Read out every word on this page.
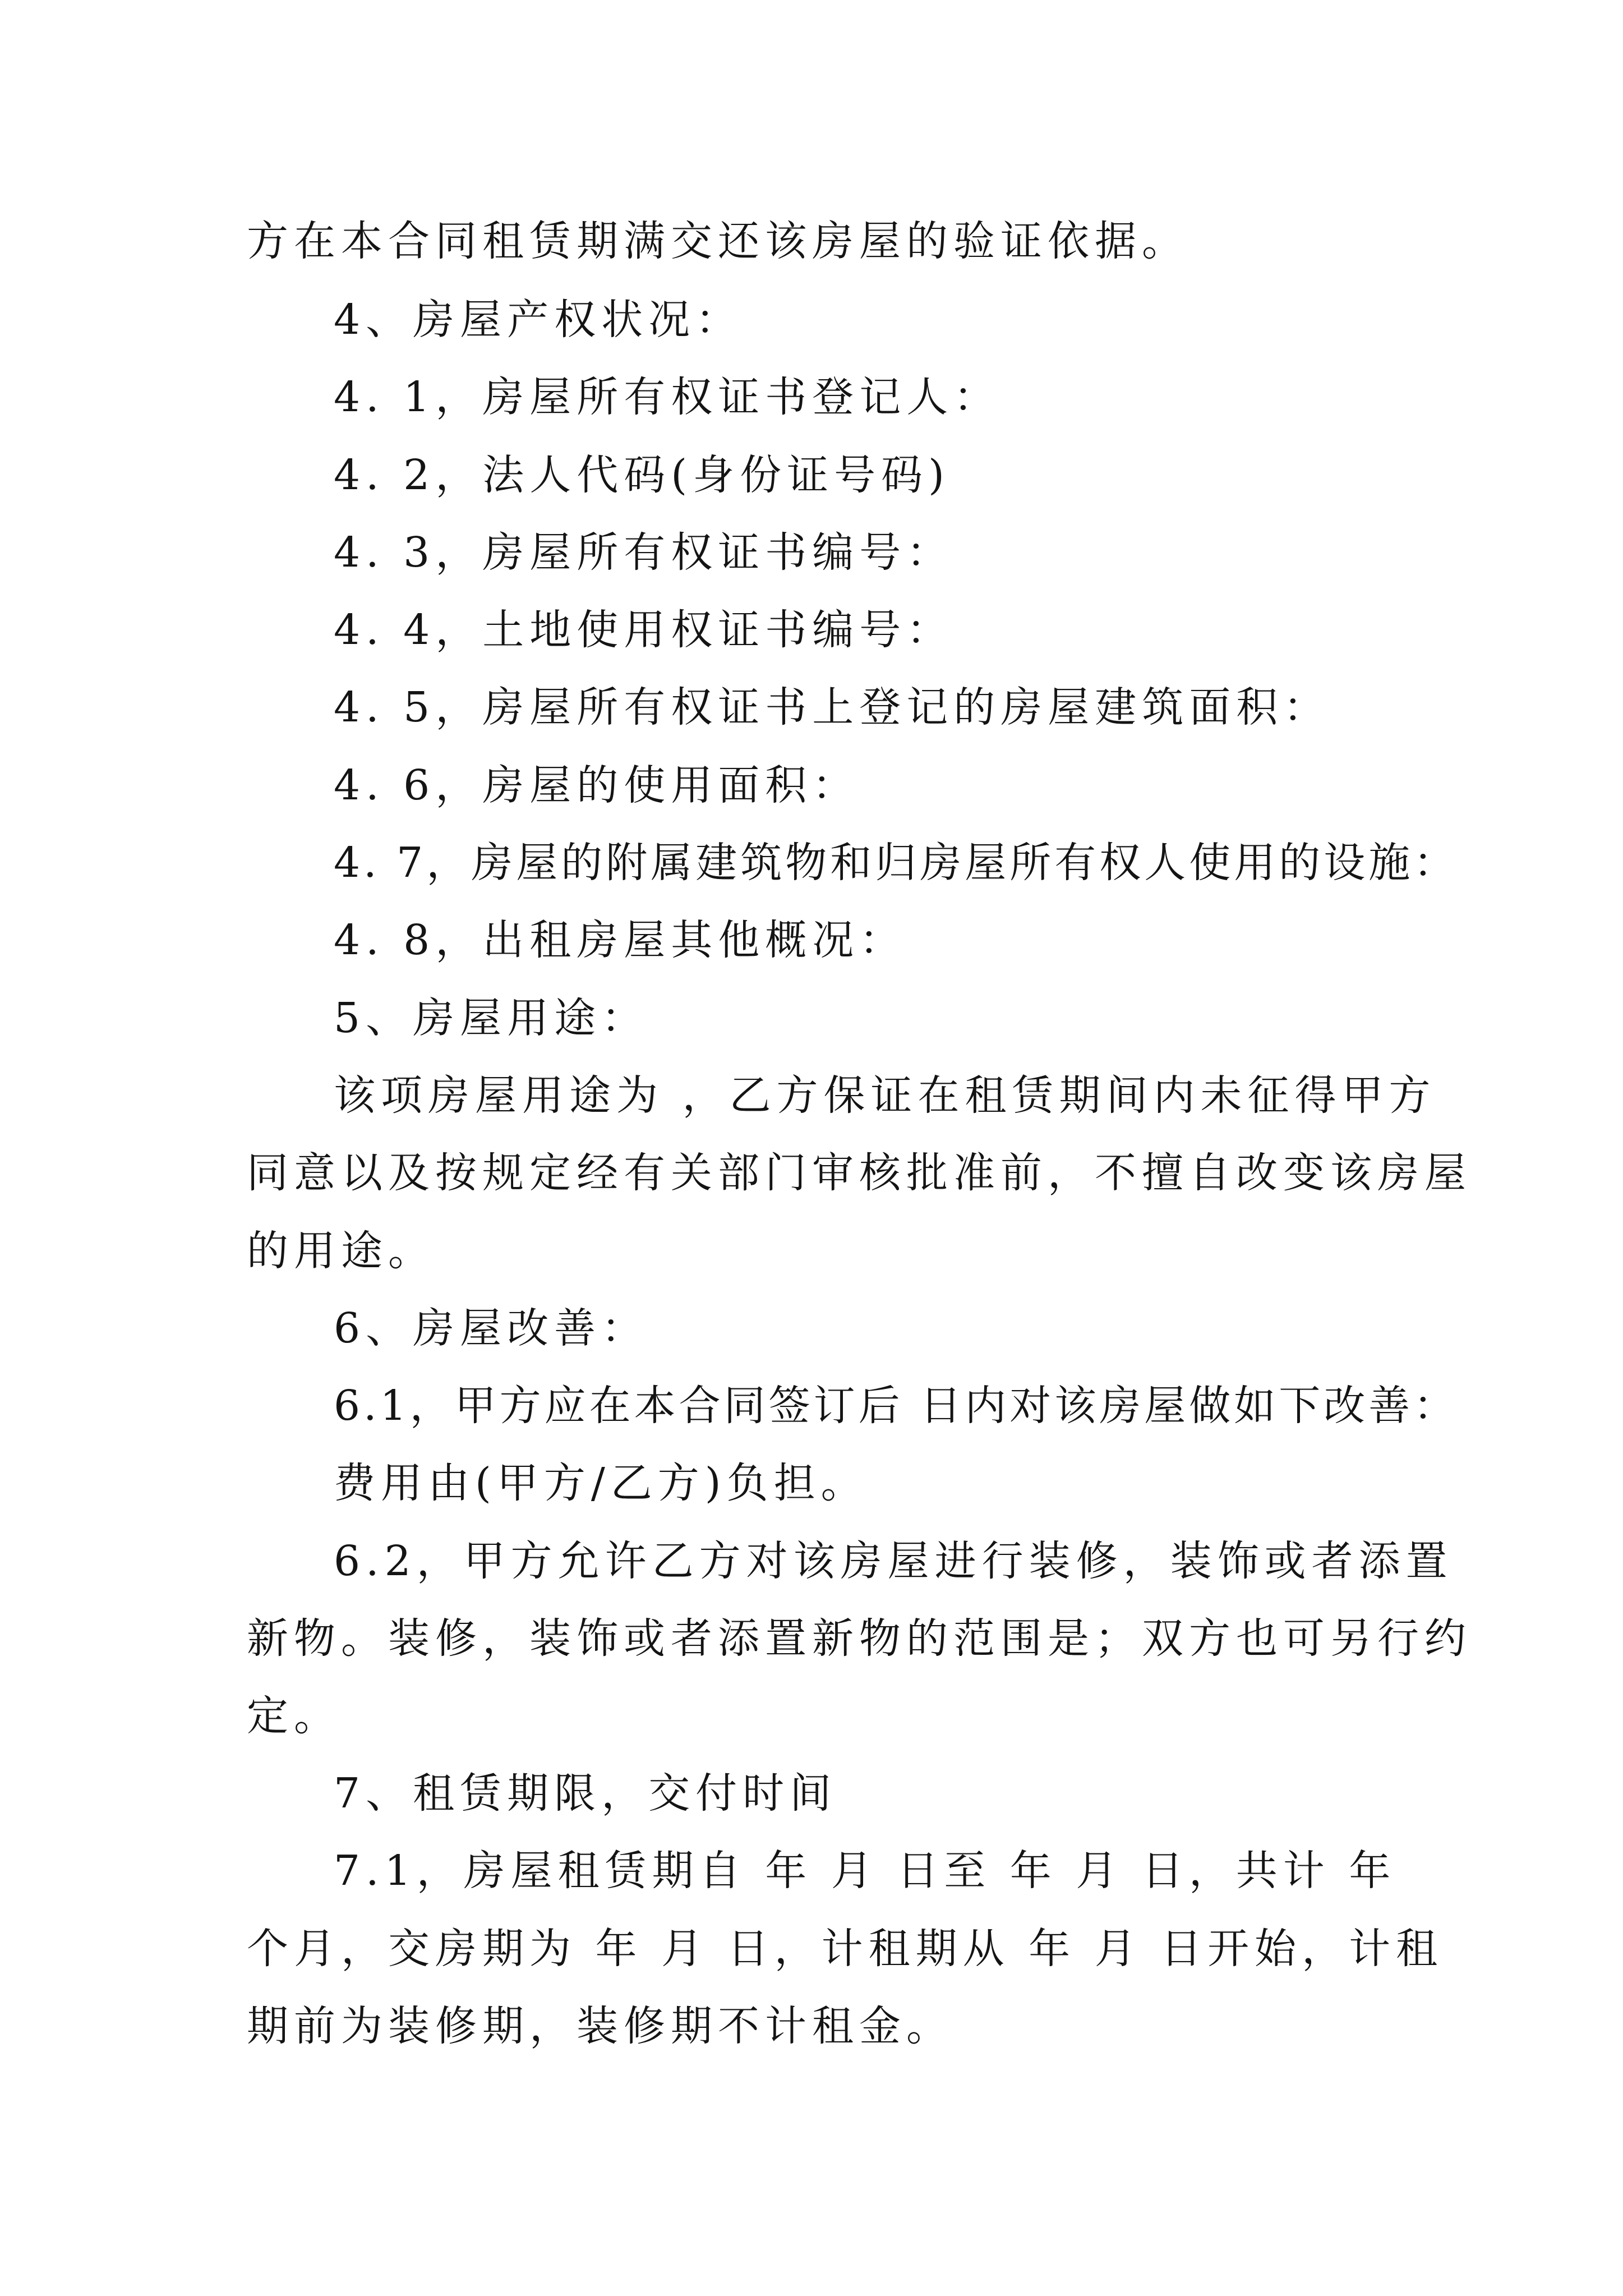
方在本合同租赁期满交还该房屋的验证依据。
4、房屋产权状况：
4. 1，房屋所有权证书登记人：
4. 2，法人代码(身份证号码)
4. 3，房屋所有权证书编号：
4. 4，土地使用权证书编号：
4. 5，房屋所有权证书上登记的房屋建筑面积：
4. 6，房屋的使用面积：
4. 7，房屋的附属建筑物和归房屋所有权人使用的设施：
4. 8，出租房屋其他概况：
5、房屋用途：
该项房屋用途为 ，乙方保证在租赁期间内未征得甲方
同意以及按规定经有关部门审核批准前，不擅自改变该房屋
的用途。
6、房屋改善：
6.1，甲方应在本合同签订后 日内对该房屋做如下改善：
费用由(甲方/乙方)负担。
6.2，甲方允许乙方对该房屋进行装修，装饰或者添置
新物。装修，装饰或者添置新物的范围是；双方也可另行约
定。
7、租赁期限，交付时间
7.1，房屋租赁期自 年 月 日至 年 月 日，共计 年
个月，交房期为 年 月 日，计租期从 年 月 日开始，计租
期前为装修期，装修期不计租金。
